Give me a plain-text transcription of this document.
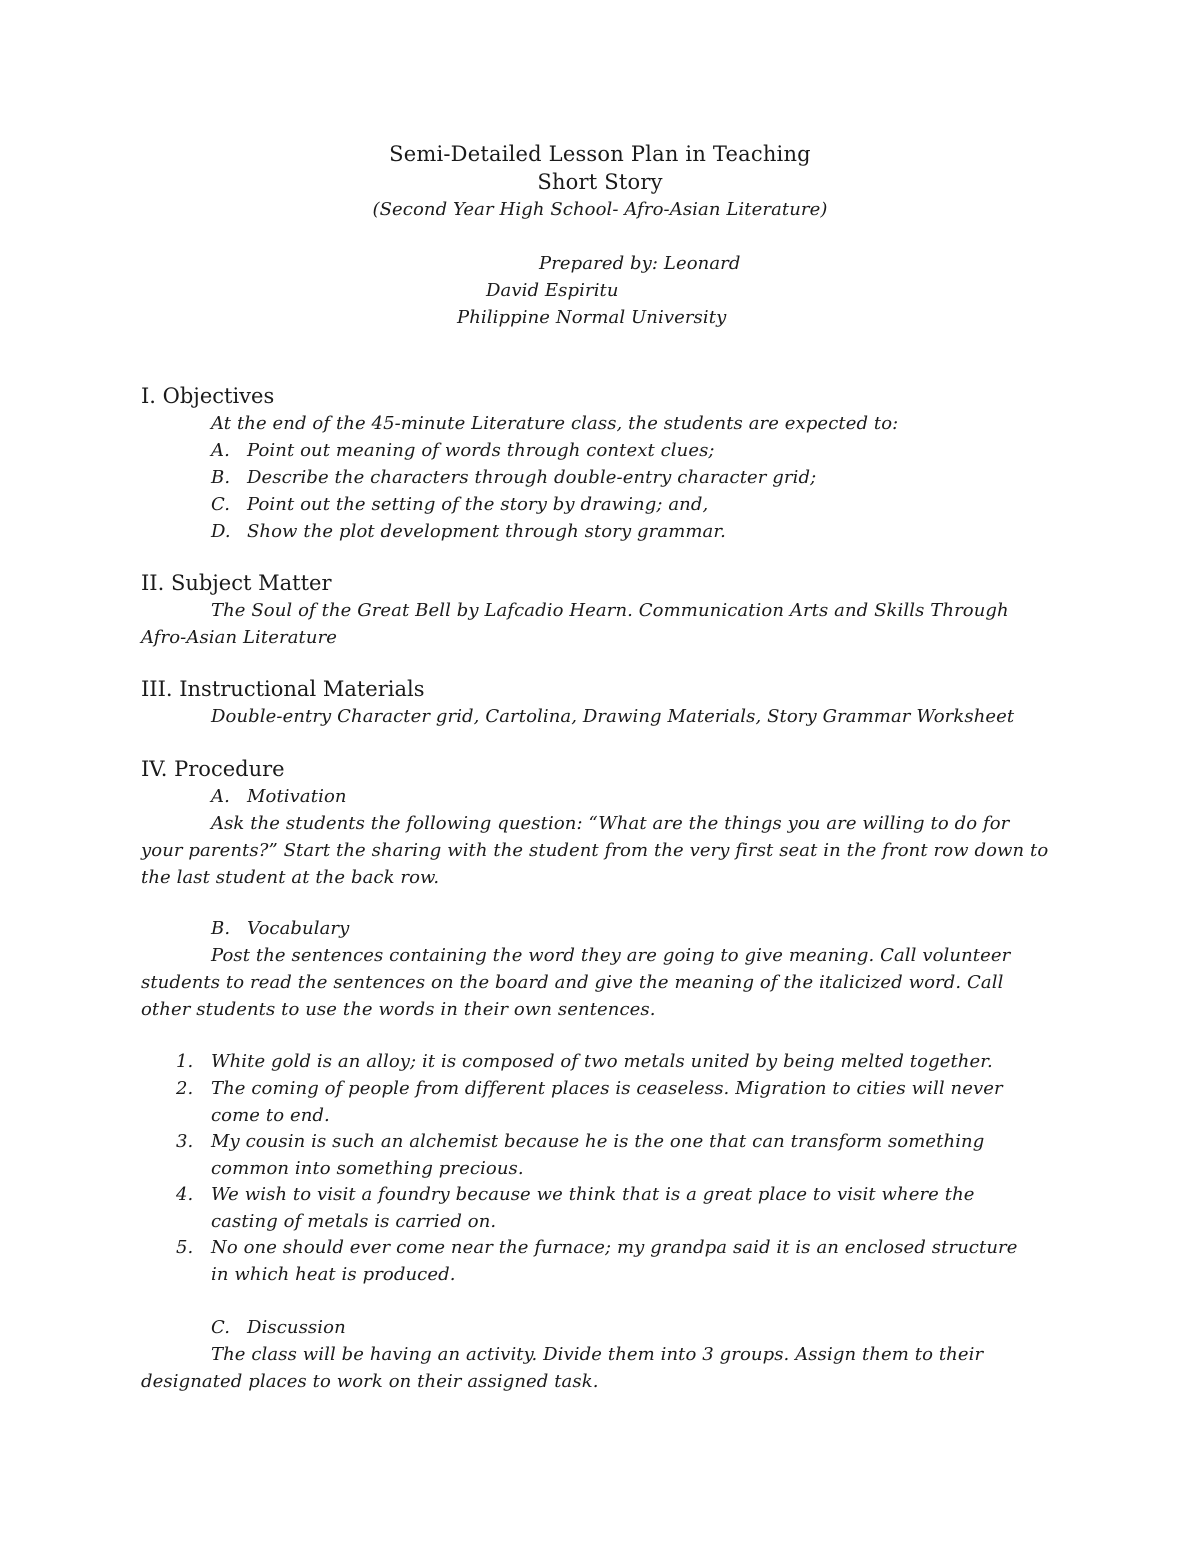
Semi-Detailed Lesson Plan in Teaching
Short Story
(Second Year High School- Afro-Asian Literature)
Prepared by: Leonard
David Espiritu
Philippine Normal University
I. Objectives
At the end of the 45-minute Literature class, the students are expected to:
A. Point out meaning of words through context clues;
B. Describe the characters through double-entry character grid;
C. Point out the setting of the story by drawing; and,
D. Show the plot development through story grammar.
II. Subject Matter
The Soul of the Great Bell by Lafcadio Hearn. Communication Arts and Skills Through
Afro-Asian Literature
III. Instructional Materials
Double-entry Character grid, Cartolina, Drawing Materials, Story Grammar Worksheet
IV. Procedure
A. Motivation
Ask the students the following question: “What are the things you are willing to do for
your parents?” Start the sharing with the student from the very first seat in the front row down to
the last student at the back row.
B. Vocabulary
Post the sentences containing the word they are going to give meaning. Call volunteer
students to read the sentences on the board and give the meaning of the italicized word. Call
other students to use the words in their own sentences.
1. White gold is an alloy; it is composed of two metals united by being melted together.
2. The coming of people from different places is ceaseless. Migration to cities will never
come to end.
3. My cousin is such an alchemist because he is the one that can transform something
common into something precious.
4. We wish to visit a foundry because we think that is a great place to visit where the
casting of metals is carried on.
5. No one should ever come near the furnace; my grandpa said it is an enclosed structure
in which heat is produced.
C. Discussion
The class will be having an activity. Divide them into 3 groups. Assign them to their
designated places to work on their assigned task.
